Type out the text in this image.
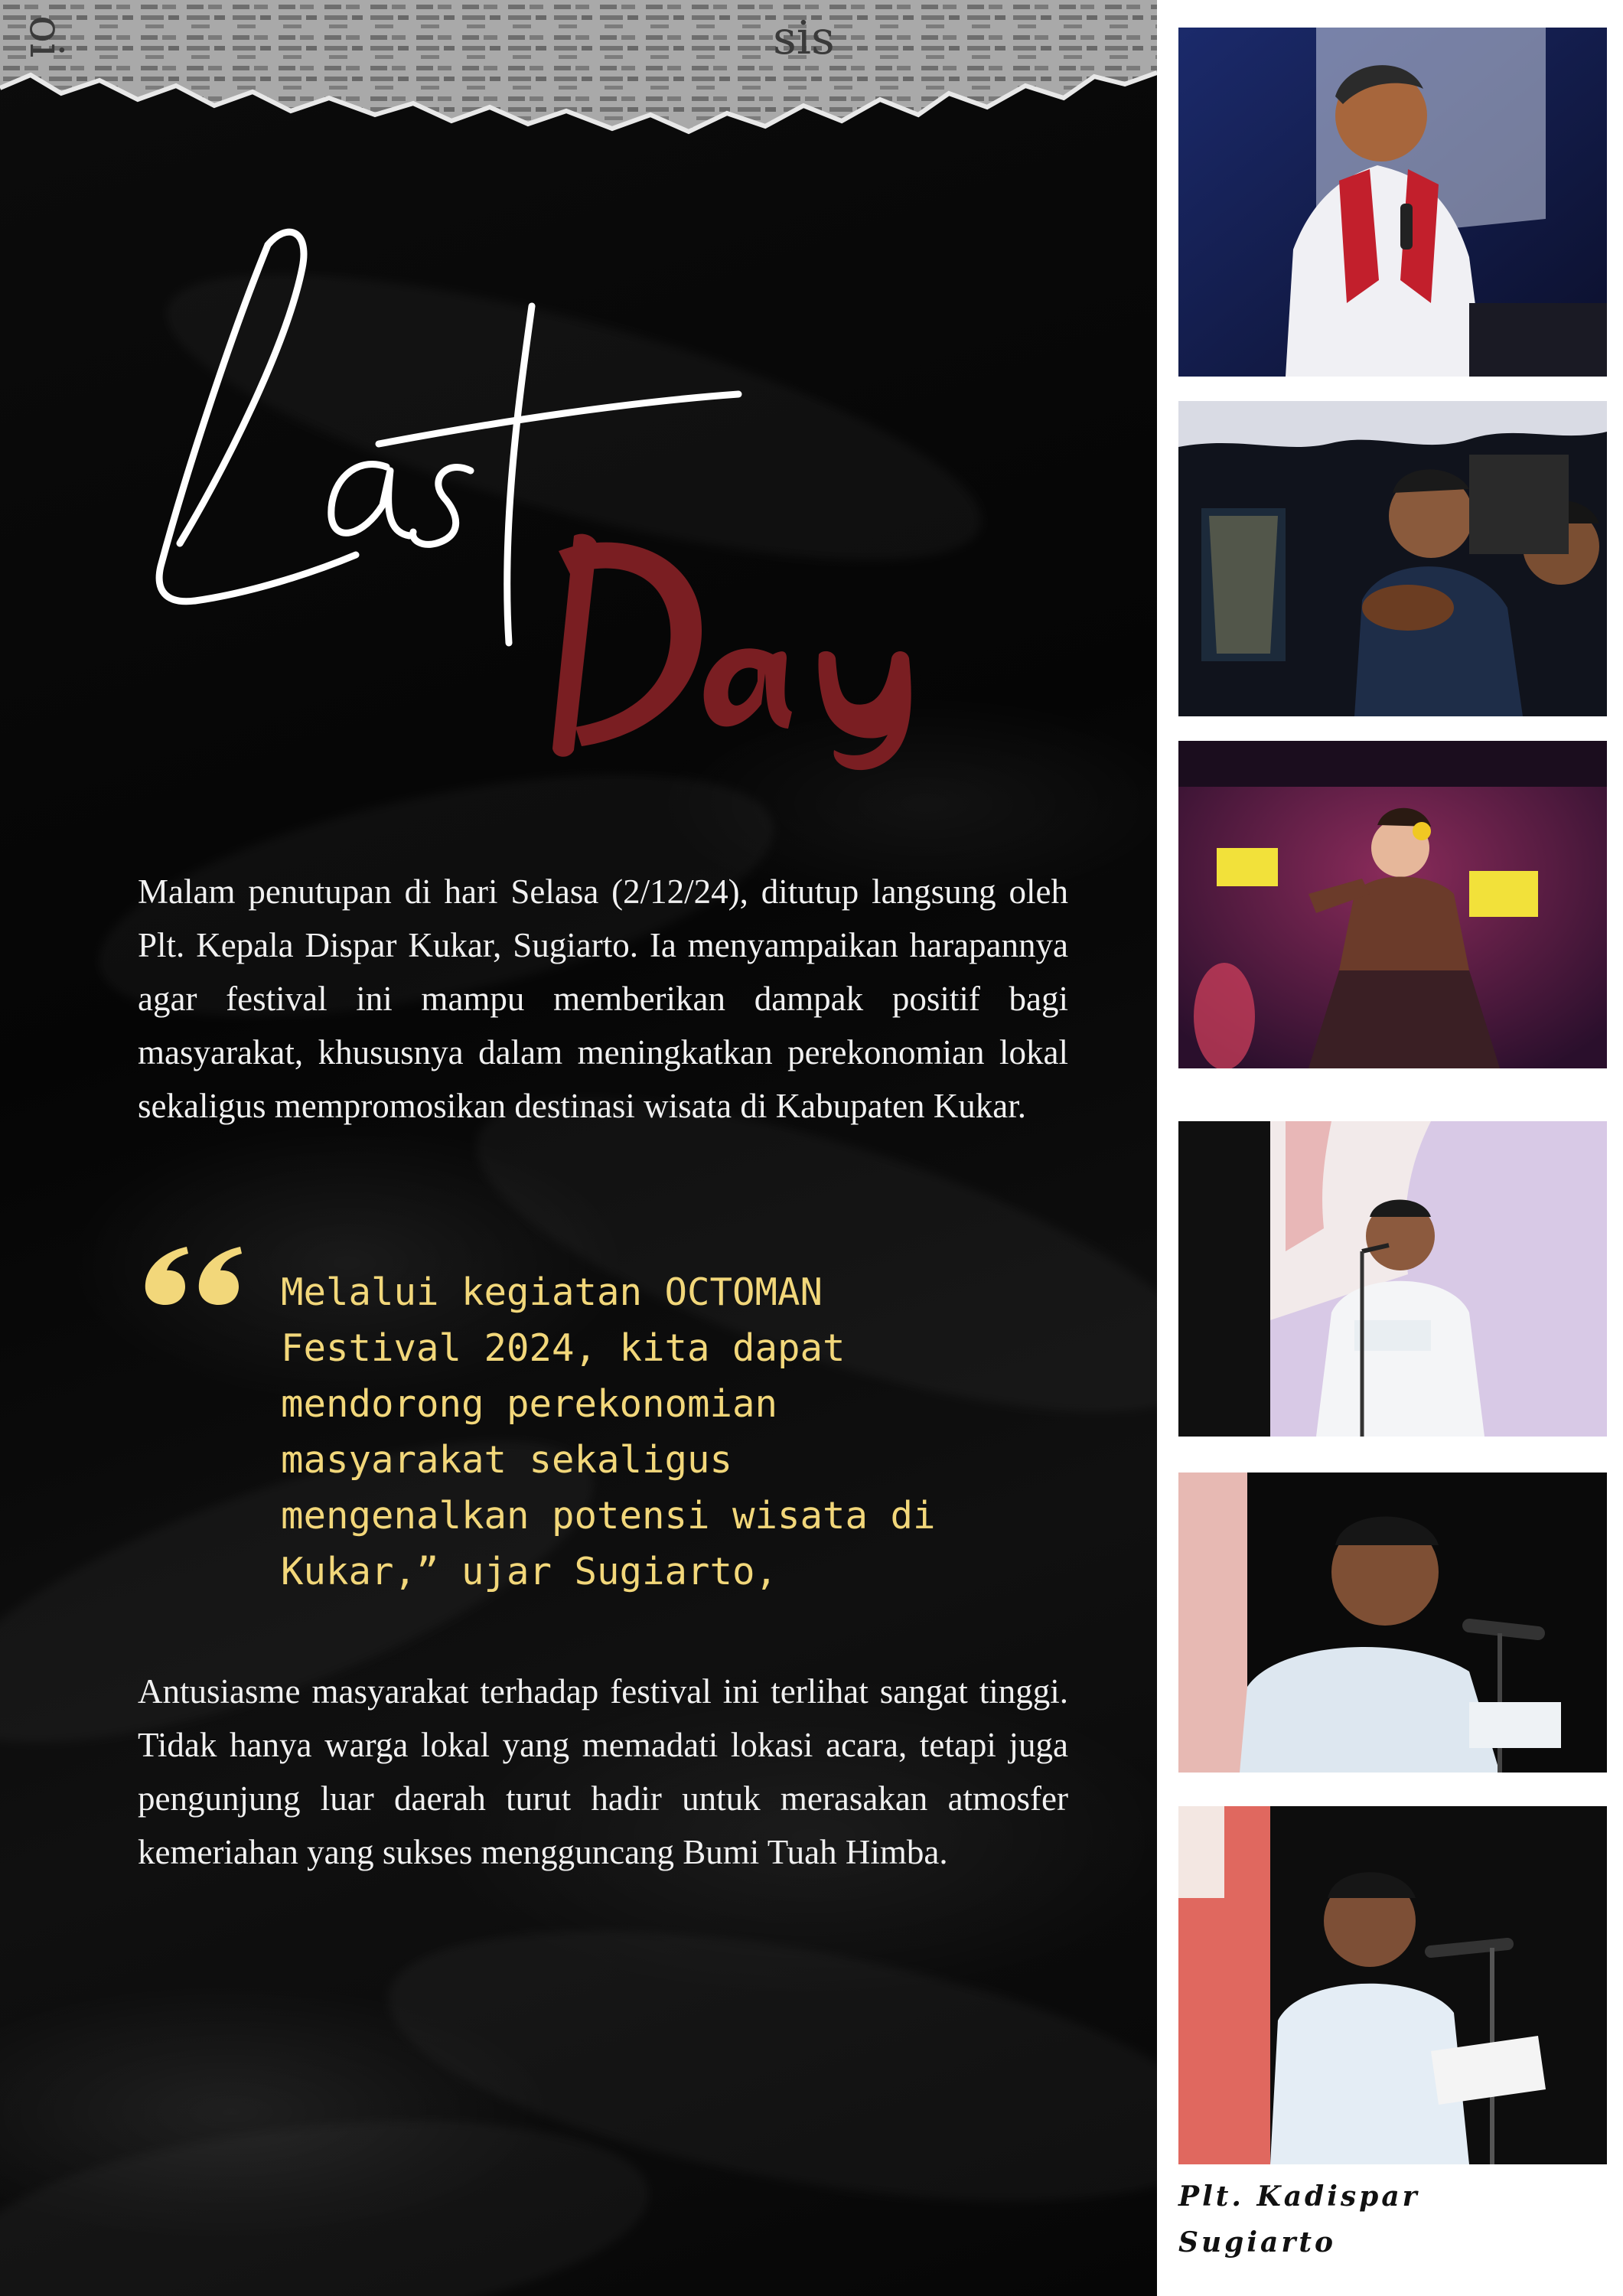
oi	sis
Last
Day

Malam penutupan di hari Selasa (2/12/24), ditutup langsung oleh Plt. Kepala Dispar Kukar, Sugiarto. Ia menyampaikan harapannya agar festival ini mampu memberikan dampak positif bagi masyarakat, khususnya dalam meningkatkan perekonomian lokal sekaligus mempromosikan destinasi wisata di Kabupaten Kukar.

Melalui kegiatan OCTOMAN
Festival 2024, kita dapat
mendorong perekonomian
masyarakat sekaligus
mengenalkan potensi wisata di
Kukar,” ujar Sugiarto,

Antusiasme masyarakat terhadap festival ini terlihat sangat tinggi. Tidak hanya warga lokal yang memadati lokasi acara, tetapi juga pengunjung luar daerah turut hadir untuk merasakan atmosfer kemeriahan yang sukses mengguncang Bumi Tuah Himba.

Plt. Kadispar
Sugiarto
